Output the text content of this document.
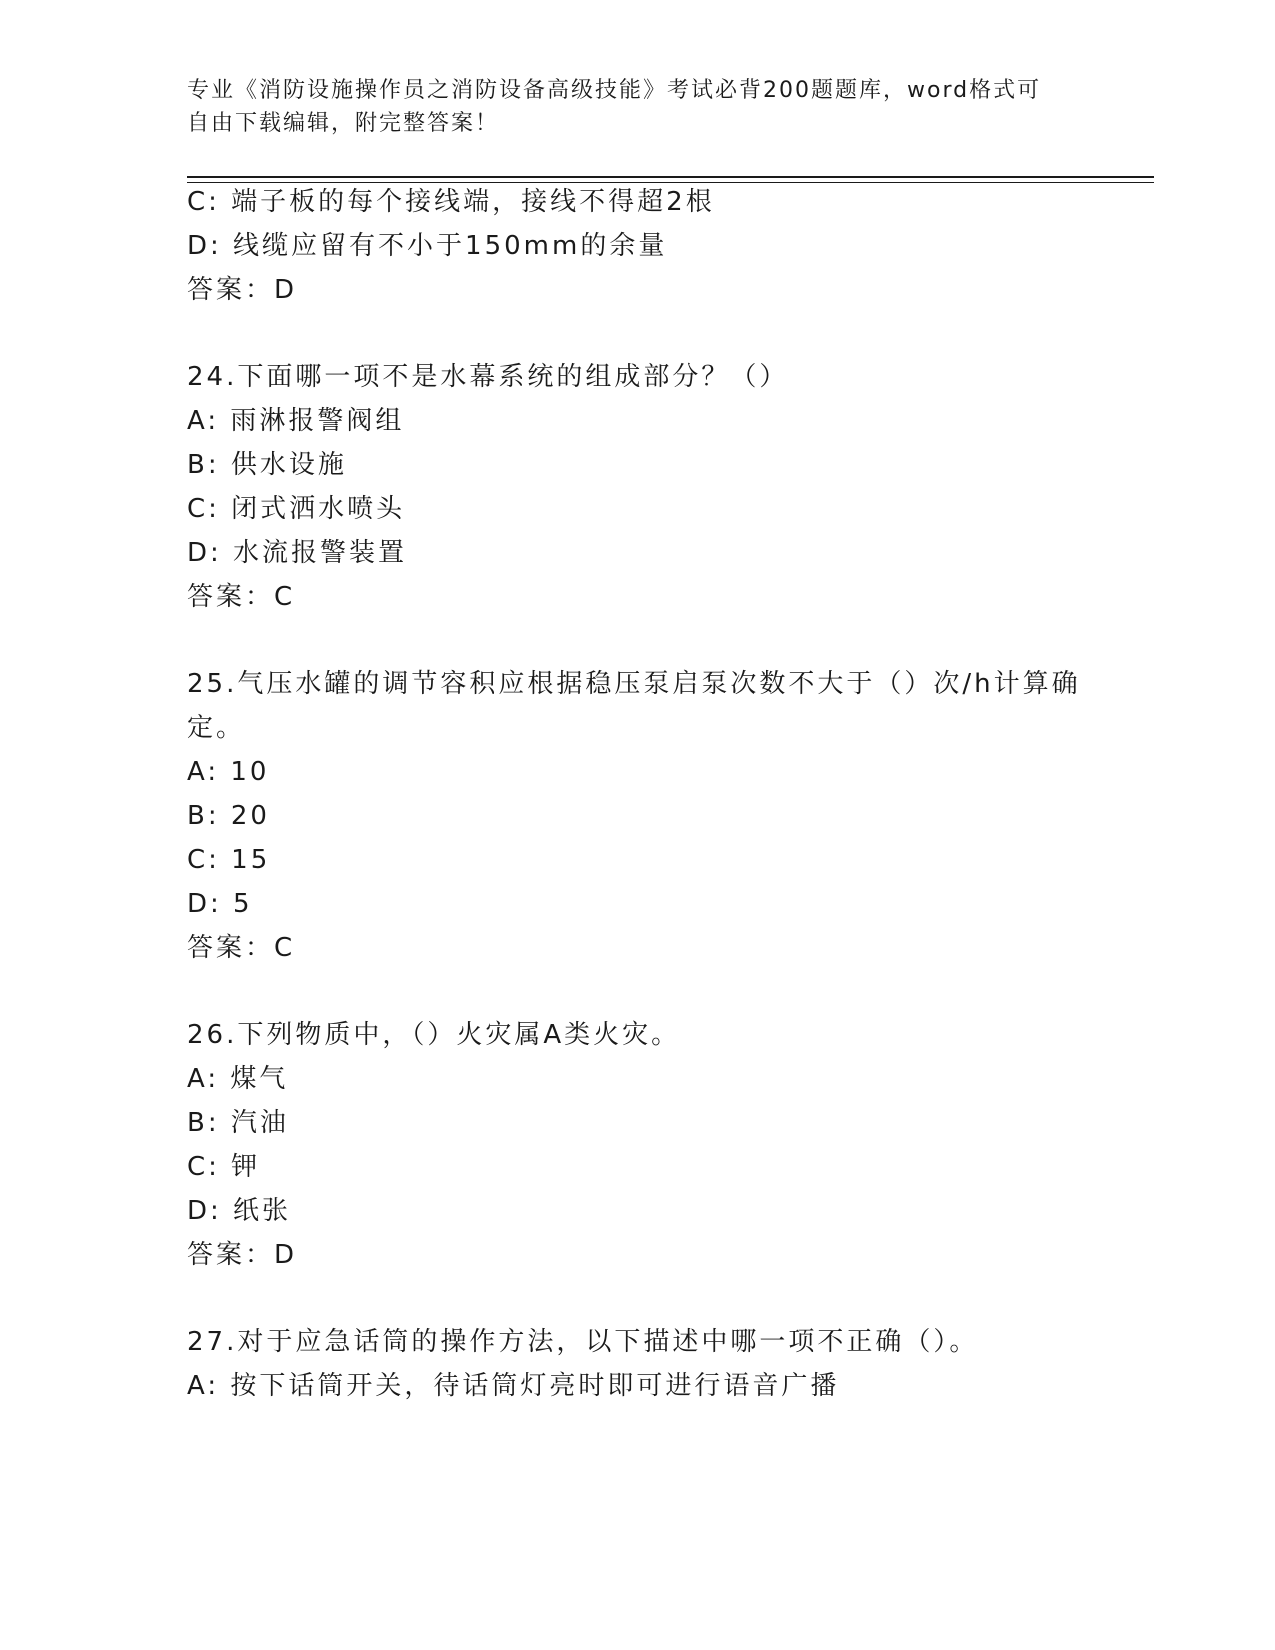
专业《消防设施操作员之消防设备高级技能》考试必背200题题库，word格式可
自由下载编辑，附完整答案！
C: 端子板的每个接线端，接线不得超2根
D: 线缆应留有不小于150mm的余量
答案：D
24.下面哪一项不是水幕系统的组成部分？（）
A: 雨淋报警阀组
B: 供水设施
C: 闭式洒水喷头
D: 水流报警装置
答案：C
25.气压水罐的调节容积应根据稳压泵启泵次数不大于（）次/h计算确
定。
A: 10
B: 20
C: 15
D: 5
答案：C
26.下列物质中，（）火灾属A类火灾。
A: 煤气
B: 汽油
C: 钾
D: 纸张
答案：D
27.对于应急话筒的操作方法，以下描述中哪一项不正确（）。
A: 按下话筒开关，待话筒灯亮时即可进行语音广播
